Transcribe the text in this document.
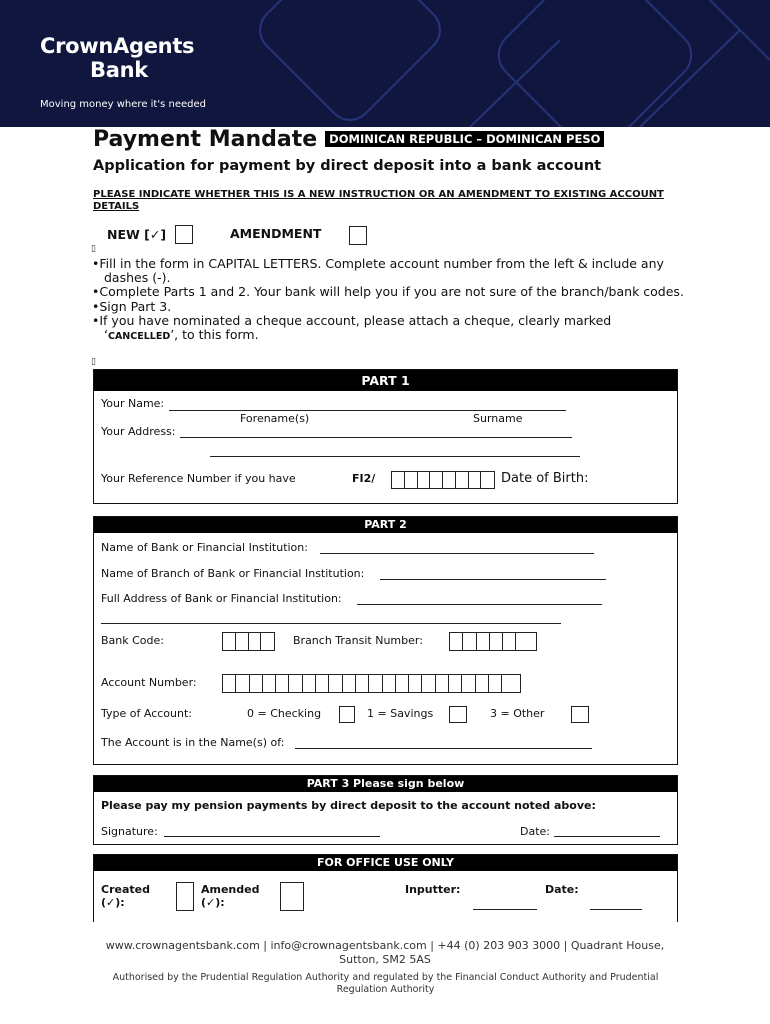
CrownAgents
Bank
Moving money where it's needed
Payment Mandate	DOMINICAN REPUBLIC – DOMINICAN PESO
Application for payment by direct deposit into a bank account
PLEASE INDICATE WHETHER THIS IS A NEW INSTRUCTION OR AN AMENDMENT TO EXISTING ACCOUNT DETAILS
NEW [✓]	AMENDMENT
▯
•Fill in the form in CAPITAL LETTERS. Complete account number from the left & include any dashes (-).
•Complete Parts 1 and 2. Your bank will help you if you are not sure of the branch/bank codes.
•Sign Part 3.
•If you have nominated a cheque account, please attach a cheque, clearly marked ‘CANCELLED’, to this form.
▯
PART 1
Your Name:
Forename(s)	Surname
Your Address:
Your Reference Number if you have	FI2/	Date of Birth:
PART 2
Name of Bank or Financial Institution:
Name of Branch of Bank or Financial Institution:
Full Address of Bank or Financial Institution:
Bank Code:	Branch Transit Number:
Account Number:
Type of Account:	0 = Checking	1 = Savings	3 = Other
The Account is in the Name(s) of:
PART 3 Please sign below
Please pay my pension payments by direct deposit to the account noted above:
Signature:	Date:
FOR OFFICE USE ONLY
Created (✓):
Amended (✓):
Inputter:	Date:
www.crownagentsbank.com | info@crownagentsbank.com | +44 (0) 203 903 3000 | Quadrant House, Sutton, SM2 5AS
Authorised by the Prudential Regulation Authority and regulated by the Financial Conduct Authority and Prudential Regulation Authority
